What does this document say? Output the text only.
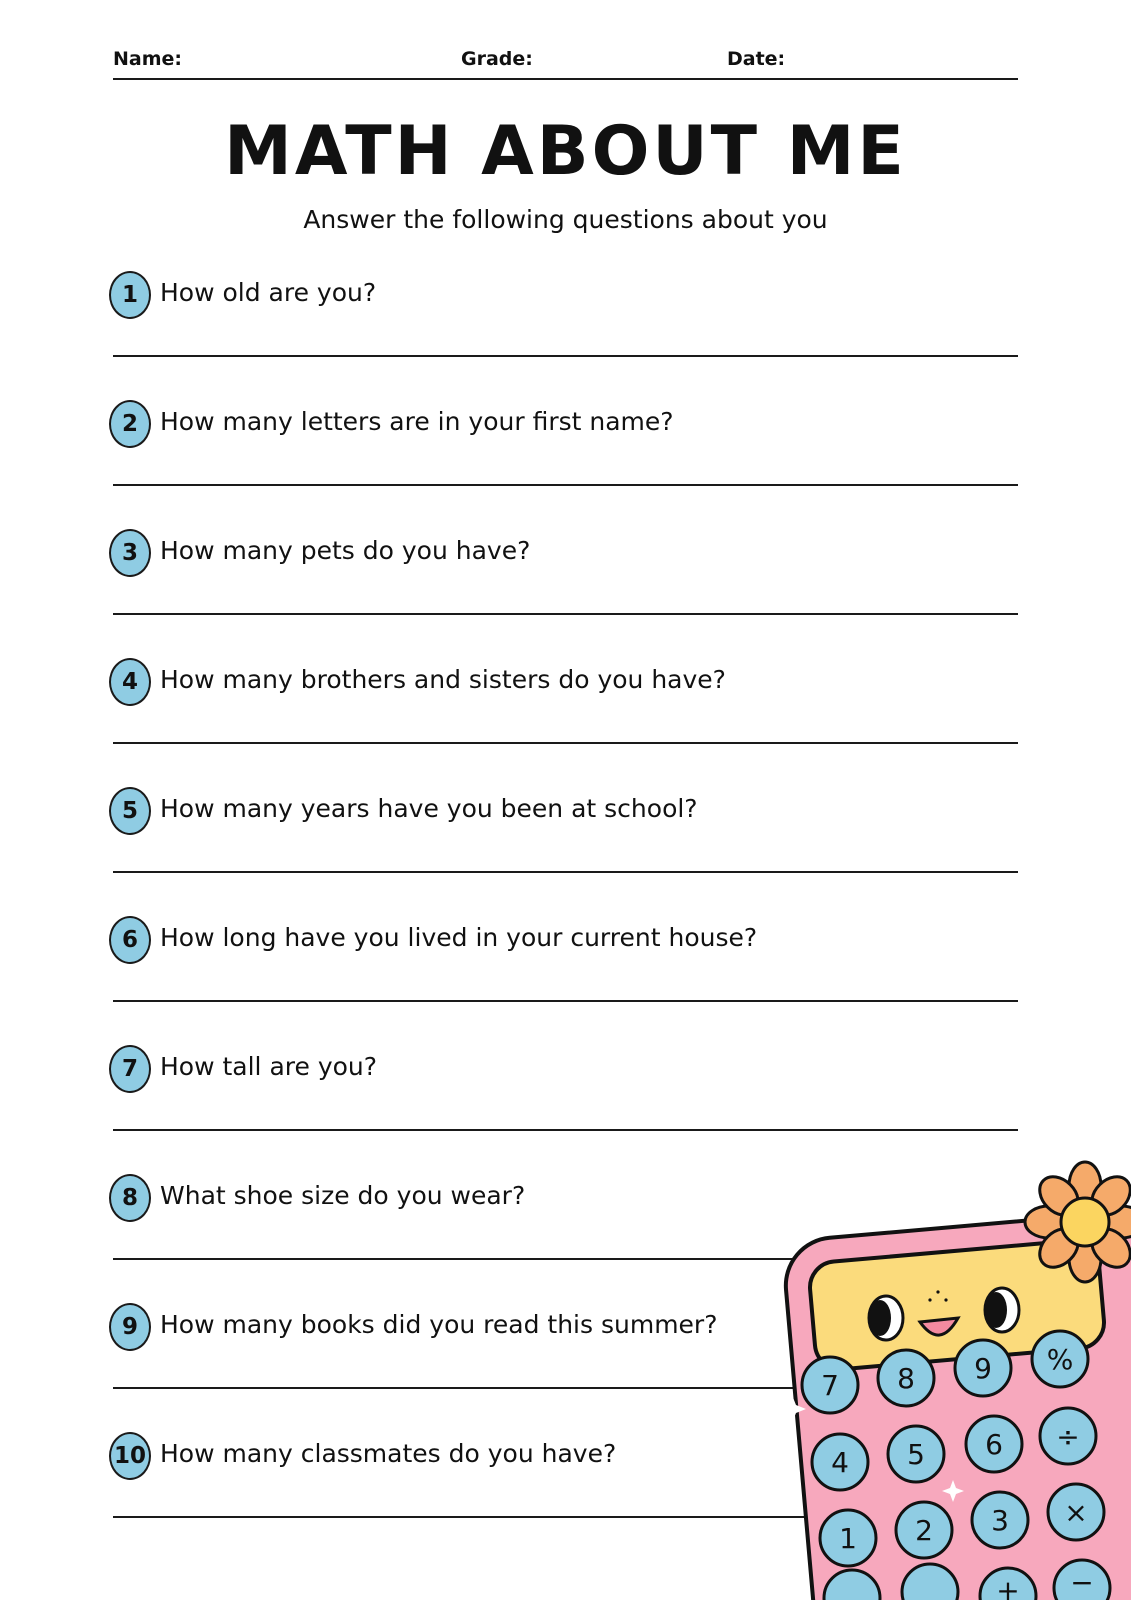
Name:	Grade:	Date:
MATH ABOUT ME
Answer the following questions about you
1 How old are you?
2 How many letters are in your first name?
3 How many pets do you have?
4 How many brothers and sisters do you have?
5 How many years have you been at school?
6 How long have you lived in your current house?
7 How tall are you?
8 What shoe size do you wear?
9 How many books did you read this summer?
10 How many classmates do you have?
7 8 9 %
4 5 6 ÷
1 2 3 ×
+ −
